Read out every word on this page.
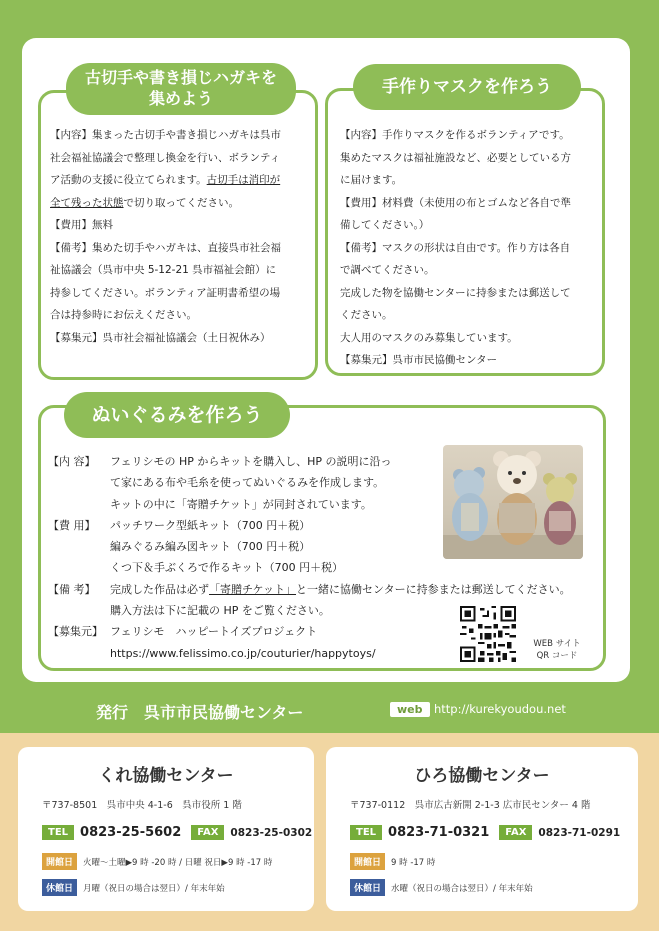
古切手や書き損じハガキを集めよう

【内容】集まった古切手や書き損じハガキは呉市

社会福祉協議会で整理し換金を行い、ボランティ

ア活動の支援に役立てられます。古切手は消印が

全て残った状態で切り取ってください。

【費用】無料

【備考】集めた切手やハガキは、直接呉市社会福

祉協議会（呉市中央 5-12-21 呉市福祉会館）に

持参してください。ボランティア証明書希望の場

合は持参時にお伝えください。

【募集元】呉市社会福祉協議会（土日祝休み）

手作りマスクを作ろう

【内容】手作りマスクを作るボランティアです。

集めたマスクは福祉施設など、必要としている方

に届けます。

【費用】材料費（未使用の布とゴムなど各自で準

備してください。）

【備考】マスクの形状は自由です。作り方は各自

で調べてください。

完成した物を協働センターに持参または郵送して

ください。

大人用のマスクのみ募集しています。

【募集元】呉市市民協働センター

ぬいぐるみを作ろう
【内 容】	フェリシモの HP からキットを購入し、HP の説明に沿っ

て家にある布や毛糸を使ってぬいぐるみを作成します。

キットの中に「寄贈チケット」が同封されています。

【費 用】	パッチワーク型紙キット（700 円＋税）

編みぐるみ編み図キット（700 円＋税）

くつ下＆手ぶくろで作るキット（700 円＋税）

【備 考】	完成した作品は必ず「寄贈チケット」と一緒に協働センターに持参または郵送してください。

購入方法は下に記載の HP をご覧ください。

【募集元】 フェリシモ　ハッピートイズプロジェクト

https://www.felissimo.co.jp/couturier/happytoys/

WEB サイト
QR コード
発行　呉市市民協働センター	web	http://kurekyoudou.net
くれ協働センター
〒737-8501　呉市中央 4-1-6　呉市役所 1 階
TEL 0823-25-5602	FAX	0823-25-0302
開館日	火曜～土曜▶9 時 -20 時 / 日曜 祝日▶9 時 -17 時
休館日	月曜（祝日の場合は翌日）/ 年末年始
ひろ協働センター
〒737-0112　呉市広古新開 2-1-3 広市民センター 4 階
TEL 0823-71-0321	FAX	0823-71-0291
開館日	9 時 -17 時
休館日	水曜（祝日の場合は翌日）/ 年末年始
